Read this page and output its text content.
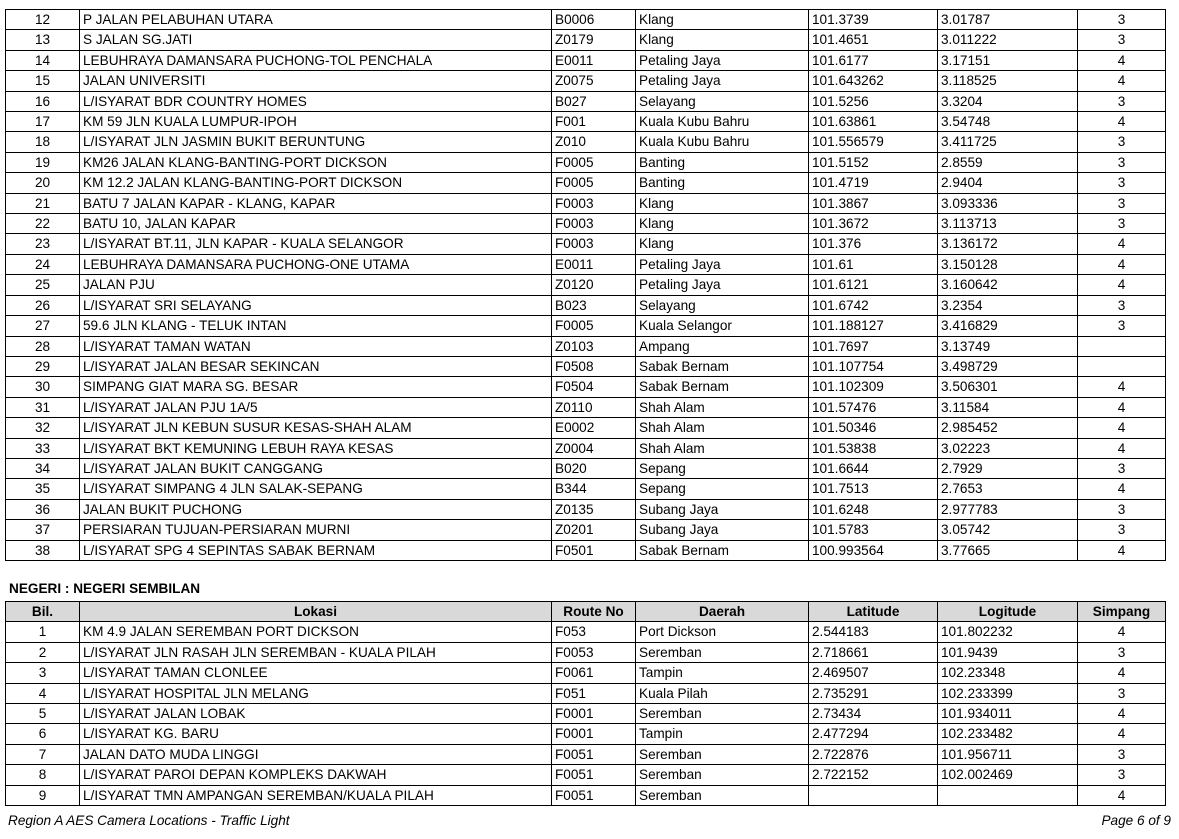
12	P JALAN PELABUHAN UTARA	B0006	Klang	101.3739	3.01787	3
13	S JALAN SG.JATI	Z0179	Klang	101.4651	3.011222	3
14	LEBUHRAYA DAMANSARA PUCHONG-TOL PENCHALA	E0011	Petaling Jaya	101.6177	3.17151	4
15	JALAN UNIVERSITI	Z0075	Petaling Jaya	101.643262	3.118525	4
16	L/ISYARAT BDR COUNTRY HOMES	B027	Selayang	101.5256	3.3204	3
17	KM 59 JLN KUALA LUMPUR-IPOH	F001	Kuala Kubu Bahru	101.63861	3.54748	4
18	L/ISYARAT JLN JASMIN BUKIT BERUNTUNG	Z010	Kuala Kubu Bahru	101.556579	3.411725	3
19	KM26 JALAN KLANG-BANTING-PORT DICKSON	F0005	Banting	101.5152	2.8559	3
20	KM 12.2 JALAN KLANG-BANTING-PORT DICKSON	F0005	Banting	101.4719	2.9404	3
21	BATU 7 JALAN KAPAR - KLANG, KAPAR	F0003	Klang	101.3867	3.093336	3
22	BATU 10, JALAN KAPAR	F0003	Klang	101.3672	3.113713	3
23	L/ISYARAT BT.11, JLN KAPAR - KUALA SELANGOR	F0003	Klang	101.376	3.136172	4
24	LEBUHRAYA DAMANSARA PUCHONG-ONE UTAMA	E0011	Petaling Jaya	101.61	3.150128	4
25	JALAN PJU	Z0120	Petaling Jaya	101.6121	3.160642	4
26	L/ISYARAT SRI SELAYANG	B023	Selayang	101.6742	3.2354	3
27	59.6 JLN KLANG - TELUK INTAN	F0005	Kuala Selangor	101.188127	3.416829	3
28	L/ISYARAT TAMAN WATAN	Z0103	Ampang	101.7697	3.13749	
29	L/ISYARAT JALAN BESAR SEKINCAN	F0508	Sabak Bernam	101.107754	3.498729	
30	SIMPANG GIAT MARA SG. BESAR	F0504	Sabak Bernam	101.102309	3.506301	4
31	L/ISYARAT JALAN PJU 1A/5	Z0110	Shah Alam	101.57476	3.11584	4
32	L/ISYARAT JLN KEBUN SUSUR KESAS-SHAH ALAM	E0002	Shah Alam	101.50346	2.985452	4
33	L/ISYARAT BKT KEMUNING LEBUH RAYA KESAS	Z0004	Shah Alam	101.53838	3.02223	4
34	L/ISYARAT JALAN BUKIT CANGGANG	B020	Sepang	101.6644	2.7929	3
35	L/ISYARAT SIMPANG 4 JLN SALAK-SEPANG	B344	Sepang	101.7513	2.7653	4
36	JALAN BUKIT PUCHONG	Z0135	Subang Jaya	101.6248	2.977783	3
37	PERSIARAN TUJUAN-PERSIARAN MURNI	Z0201	Subang Jaya	101.5783	3.05742	3
38	L/ISYARAT SPG 4 SEPINTAS SABAK BERNAM	F0501	Sabak Bernam	100.993564	3.77665	4
NEGERI : NEGERI SEMBILAN
Bil.	Lokasi	Route No	Daerah	Latitude	Logitude	Simpang
1	KM 4.9 JALAN SEREMBAN PORT DICKSON	F053	Port Dickson	2.544183	101.802232	4
2	L/ISYARAT JLN RASAH JLN SEREMBAN - KUALA PILAH	F0053	Seremban	2.718661	101.9439	3
3	L/ISYARAT TAMAN CLONLEE	F0061	Tampin	2.469507	102.23348	4
4	L/ISYARAT HOSPITAL JLN MELANG	F051	Kuala Pilah	2.735291	102.233399	3
5	L/ISYARAT JALAN LOBAK	F0001	Seremban	2.73434	101.934011	4
6	L/ISYARAT KG. BARU	F0001	Tampin	2.477294	102.233482	4
7	JALAN DATO MUDA LINGGI	F0051	Seremban	2.722876	101.956711	3
8	L/ISYARAT PAROI DEPAN KOMPLEKS DAKWAH	F0051	Seremban	2.722152	102.002469	3
9	L/ISYARAT TMN AMPANGAN SEREMBAN/KUALA PILAH	F0051	Seremban			4
Region A AES Camera Locations - Traffic Light	Page 6 of 9
